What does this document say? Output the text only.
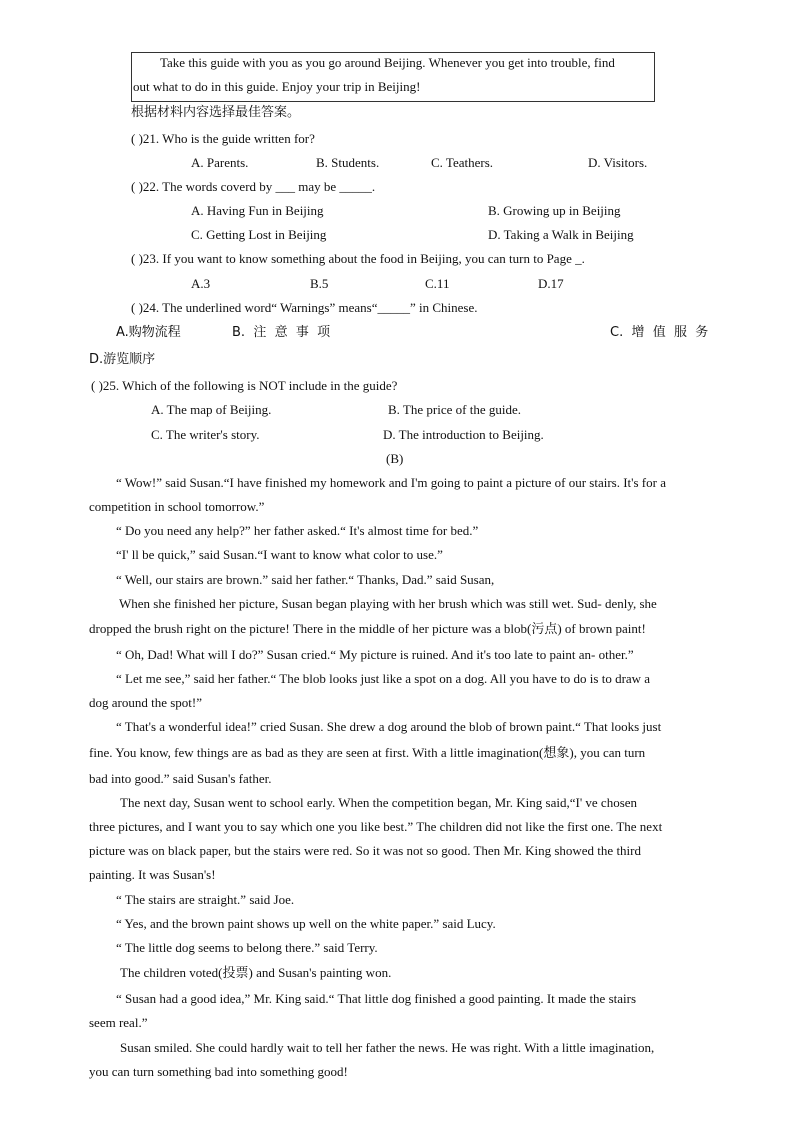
Take this guide with you as you go around Beijing. Whenever you get into trouble, find
out what to do in this guide. Enjoy your trip in Beijing!
根据材料内容选择最佳答案。
( )21. Who is the guide written for?
A. Parents.	B. Students.	C. Teathers.	D. Visitors.
( )22. The words coverd by ___ may be _____.
A. Having Fun in Beijing	B. Growing up in Beijing
C. Getting Lost in Beijing	D. Taking a Walk in Beijing
( )23. If you want to know something about the food in Beijing, you can turn to Page _.
A.3	B.5	C.11	D.17
( )24. The underlined word“ Warnings” means“_____” in Chinese.
A.购物流程	B.  注  意  事  项	C.  增  值  服  务
D.游览顺序
( )25. Which of the following is NOT include in the guide?
A. The map of Beijing.	B. The price of the guide.
C. The writer's story.	D. The introduction to Beijing.
(B)
“ Wow!” said Susan.“I have finished my homework and I'm going to paint a picture of our stairs. It's for a
competition in school tomorrow.”
“ Do you need any help?” her father asked.“ It's almost time for bed.”
“I' ll be quick,” said Susan.“I want to know what color to use.”
“ Well, our stairs are brown.” said her father.“ Thanks, Dad.” said Susan,
When she finished her picture, Susan began playing with her brush which was still wet. Sud- denly, she
dropped the brush right on the picture! There in the middle of her picture was a blob(污点) of brown paint!
“ Oh, Dad! What will I do?” Susan cried.“ My picture is ruined. And it's too late to paint an- other.”
“ Let me see,” said her father.“ The blob looks just like a spot on a dog. All you have to do is to draw a
dog around the spot!”
“ That's a wonderful idea!” cried Susan. She drew a dog around the blob of brown paint.“ That looks just
fine. You know, few things are as bad as they are seen at first. With a little imagination(想象), you can turn
bad into good.” said Susan's father.
The next day, Susan went to school early. When the competition began, Mr. King said,“I' ve chosen
three pictures, and I want you to say which one you like best.” The children did not like the first one. The next
picture was on black paper, but the stairs were red. So it was not so good. Then Mr. King showed the third
painting. It was Susan's!
“ The stairs are straight.” said Joe.
“ Yes, and the brown paint shows up well on the white paper.” said Lucy.
“ The little dog seems to belong there.” said Terry.
The children voted(投票) and Susan's painting won.
“ Susan had a good idea,” Mr. King said.“ That little dog finished a good painting. It made the stairs
seem real.”
Susan smiled. She could hardly wait to tell her father the news. He was right. With a little imagination,
you can turn something bad into something good!
